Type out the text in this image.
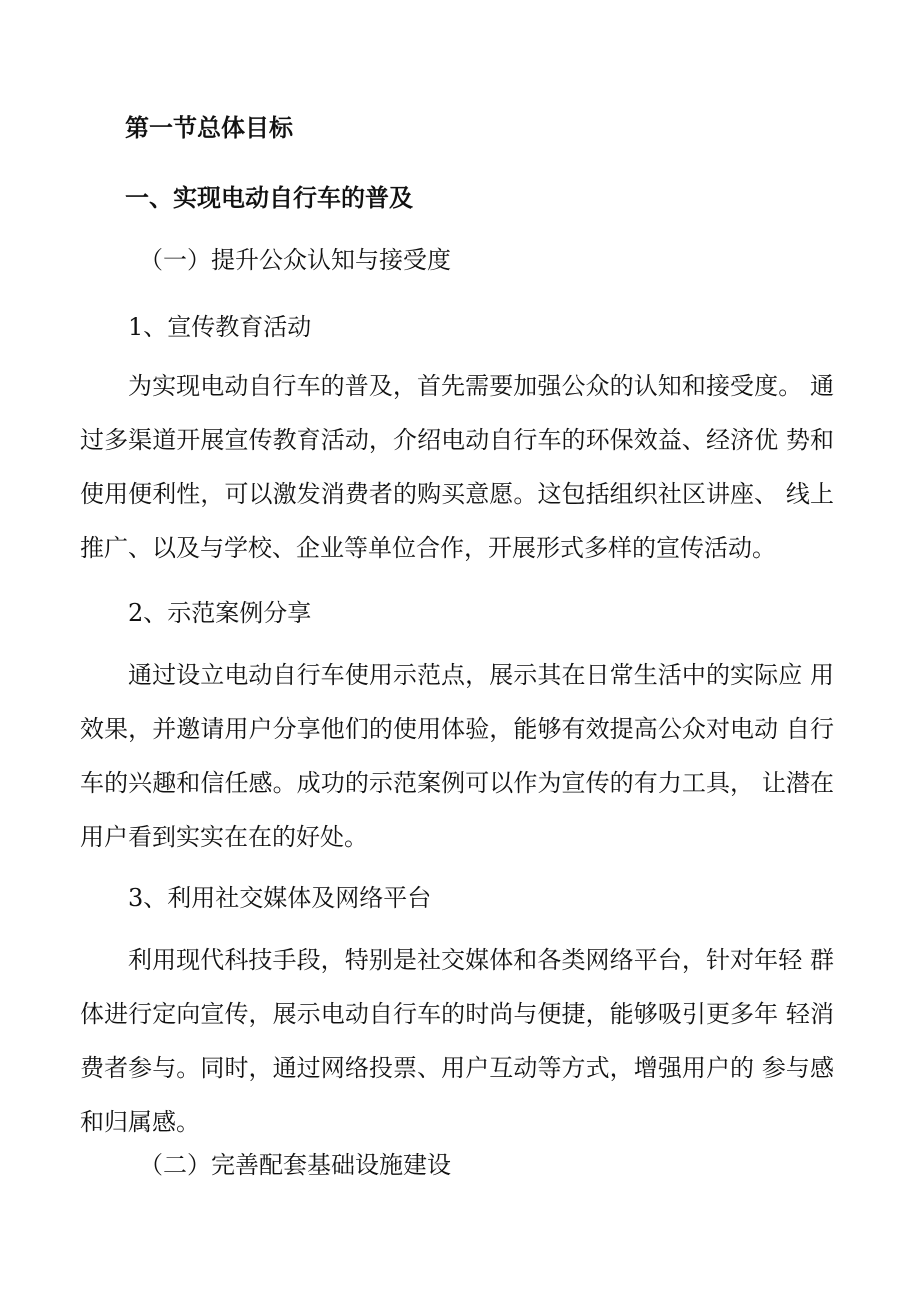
第一节总体目标
一、实现电动自行车的普及
（一）提升公众认知与接受度
1、宣传教育活动

为实现电动自行车的普及，首先需要加强公众的认知和接受度。 通过多渠道开展宣传教育活动，介绍电动自行车的环保效益、经济优 势和使用便利性，可以激发消费者的购买意愿。这包括组织社区讲座、 线上推广、以及与学校、企业等单位合作，开展形式多样的宣传活动。

2、示范案例分享

通过设立电动自行车使用示范点，展示其在日常生活中的实际应 用效果，并邀请用户分享他们的使用体验，能够有效提高公众对电动 自行车的兴趣和信任感。成功的示范案例可以作为宣传的有力工具， 让潜在用户看到实实在在的好处。

3、利用社交媒体及网络平台

利用现代科技手段，特别是社交媒体和各类网络平台，针对年轻 群体进行定向宣传，展示电动自行车的时尚与便捷，能够吸引更多年 轻消费者参与。同时，通过网络投票、用户互动等方式，增强用户的 参与感和归属感。

（二）完善配套基础设施建设
